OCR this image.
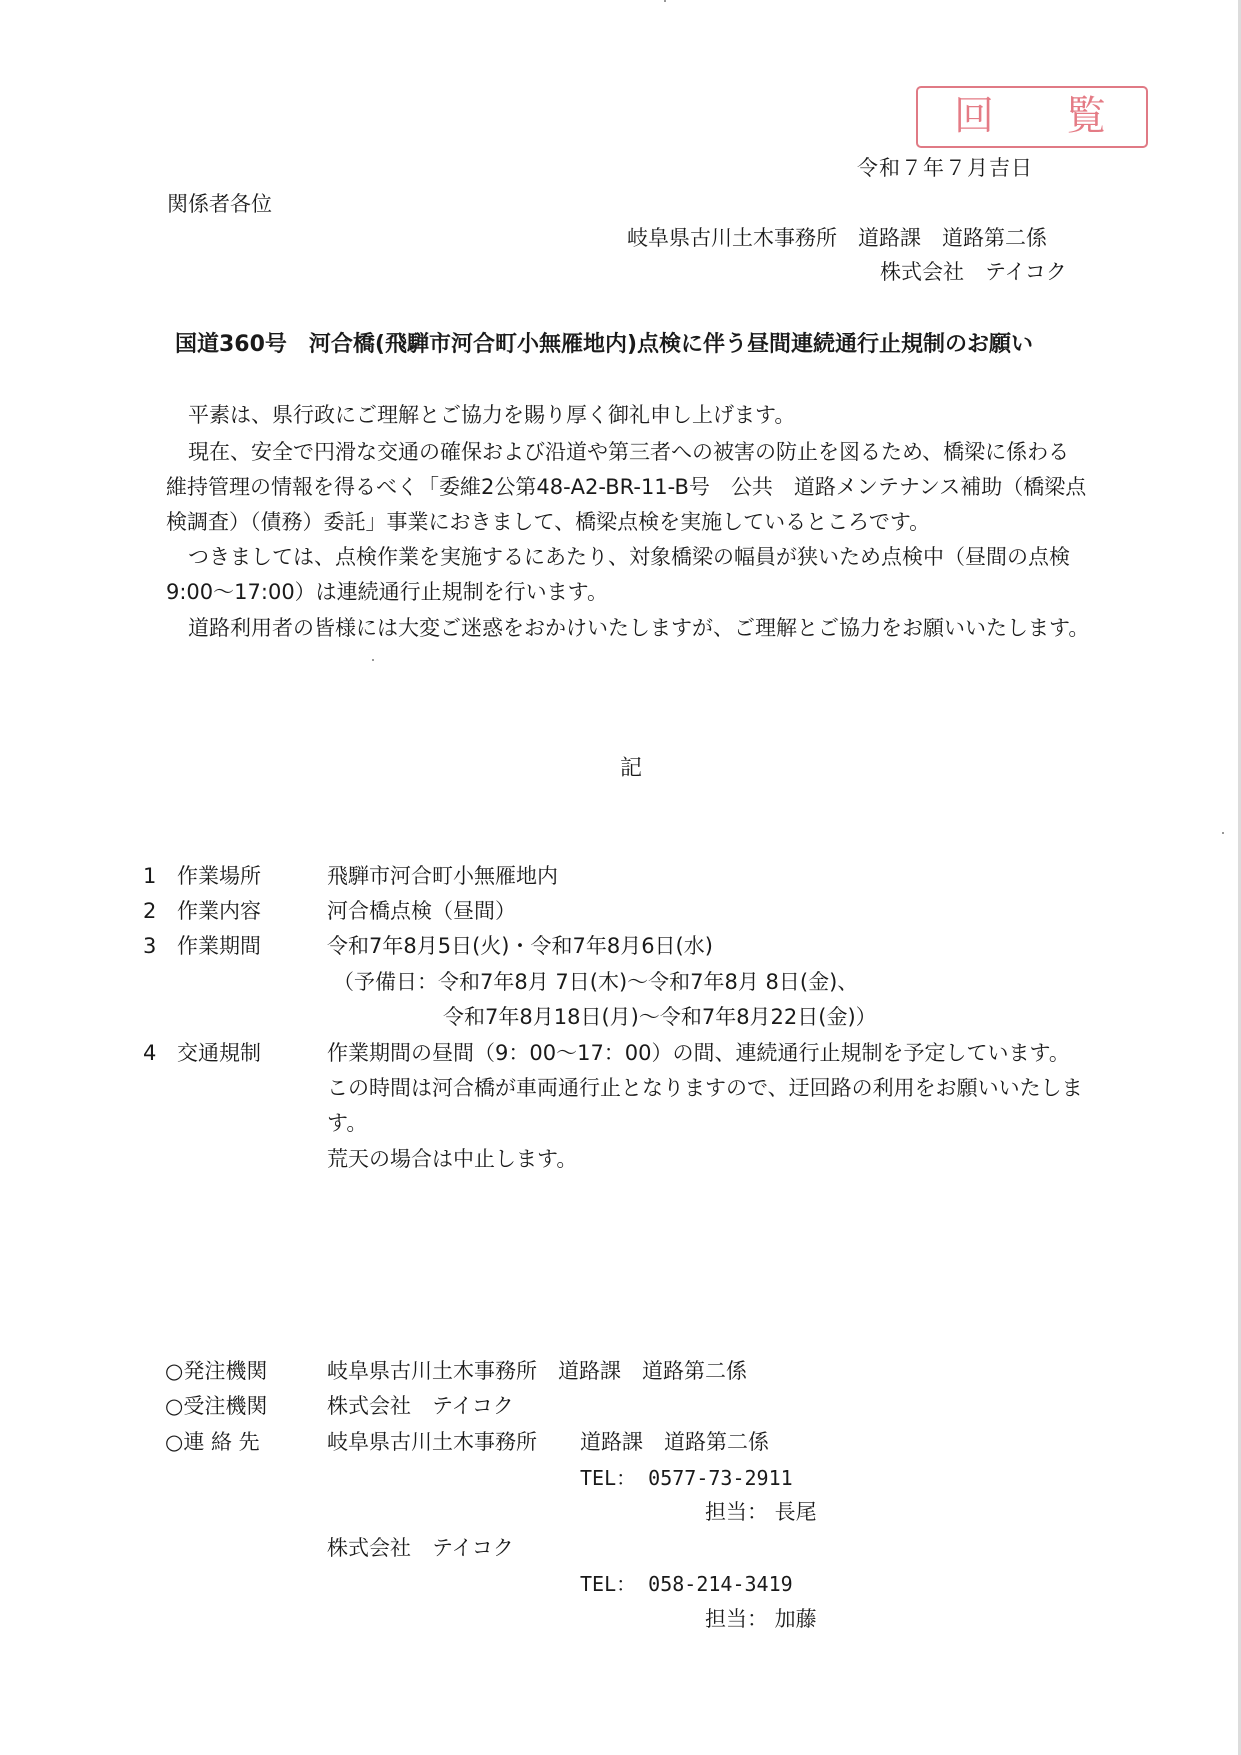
回 覧
令和７年７月吉日
関係者各位
岐阜県古川土木事務所　道路課　道路第二係
株式会社　テイコク
国道360号　河合橋(飛騨市河合町小無雁地内)点検に伴う昼間連続通行止規制のお願い
平素は、県行政にご理解とご協力を賜り厚く御礼申し上げます。
現在、安全で円滑な交通の確保および沿道や第三者への被害の防止を図るため、橋梁に係わる
維持管理の情報を得るべく「委維2公第48-A2-BR-11-B号　公共　道路メンテナンス補助（橋梁点
検調査）（債務）委託」事業におきまして、橋梁点検を実施しているところです。
つきましては、点検作業を実施するにあたり、対象橋梁の幅員が狭いため点検中（昼間の点検
9:00～17:00）は連続通行止規制を行います。
道路利用者の皆様には大変ご迷惑をおかけいたしますが、ご理解とご協力をお願いいたします。
記
1 作業場所	飛騨市河合町小無雁地内
2 作業内容	河合橋点検（昼間）
3 作業期間	令和7年8月5日(火)・令和7年8月6日(水)
（予備日：令和7年8月 7日(木)～令和7年8月 8日(金)、
令和7年8月18日(月)～令和7年8月22日(金)）
4 交通規制	作業期間の昼間（9：00～17：00）の間、連続通行止規制を予定しています。
この時間は河合橋が車両通行止となりますので、迂回路の利用をお願いいたしま
す。
荒天の場合は中止します。
○発注機関	岐阜県古川土木事務所　道路課　道路第二係
○受注機関	株式会社　テイコク
○連 絡 先	岐阜県古川土木事務所 道路課　道路第二係
TEL： 0577-73-2911
担当： 長尾
株式会社　テイコク
TEL： 058-214-3419
担当： 加藤
